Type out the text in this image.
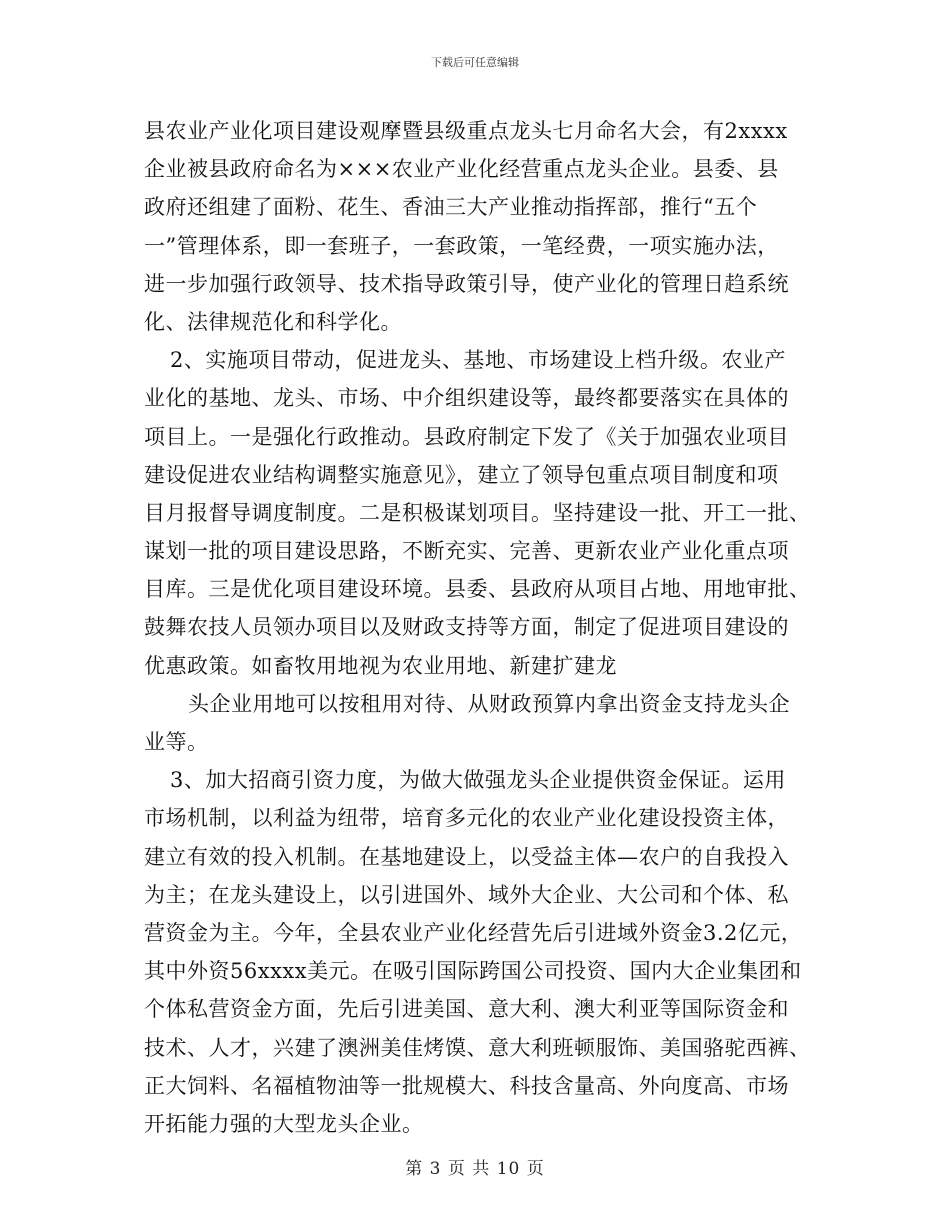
下载后可任意编辑
县农业产业化项目建设观摩暨县级重点龙头七月命名大会，有2xxxx
企业被县政府命名为×××农业产业化经营重点龙头企业。县委、县
政府还组建了面粉、花生、香油三大产业推动指挥部，推行“五个
一”管理体系，即一套班子，一套政策，一笔经费，一项实施办法，
进一步加强行政领导、技术指导政策引导，使产业化的管理日趋系统
化、法律规范化和科学化。
2、实施项目带动，促进龙头、基地、市场建设上档升级。农业产
业化的基地、龙头、市场、中介组织建设等，最终都要落实在具体的
项目上。一是强化行政推动。县政府制定下发了《关于加强农业项目
建设促进农业结构调整实施意见》，建立了领导包重点项目制度和项
目月报督导调度制度。二是积极谋划项目。坚持建设一批、开工一批、
谋划一批的项目建设思路，不断充实、完善、更新农业产业化重点项
目库。三是优化项目建设环境。县委、县政府从项目占地、用地审批、
鼓舞农技人员领办项目以及财政支持等方面，制定了促进项目建设的
优惠政策。如畜牧用地视为农业用地、新建扩建龙
头企业用地可以按租用对待、从财政预算内拿出资金支持龙头企
业等。
3、加大招商引资力度，为做大做强龙头企业提供资金保证。运用
市场机制，以利益为纽带，培育多元化的农业产业化建设投资主体，
建立有效的投入机制。在基地建设上，以受益主体—农户的自我投入
为主；在龙头建设上，以引进国外、域外大企业、大公司和个体、私
营资金为主。今年，全县农业产业化经营先后引进域外资金3.2亿元，
其中外资56xxxx美元。在吸引国际跨国公司投资、国内大企业集团和
个体私营资金方面，先后引进美国、意大利、澳大利亚等国际资金和
技术、人才，兴建了澳洲美佳烤馍、意大利班顿服饰、美国骆驼西裤、
正大饲料、名福植物油等一批规模大、科技含量高、外向度高、市场
开拓能力强的大型龙头企业。
第 3 页 共 10 页
